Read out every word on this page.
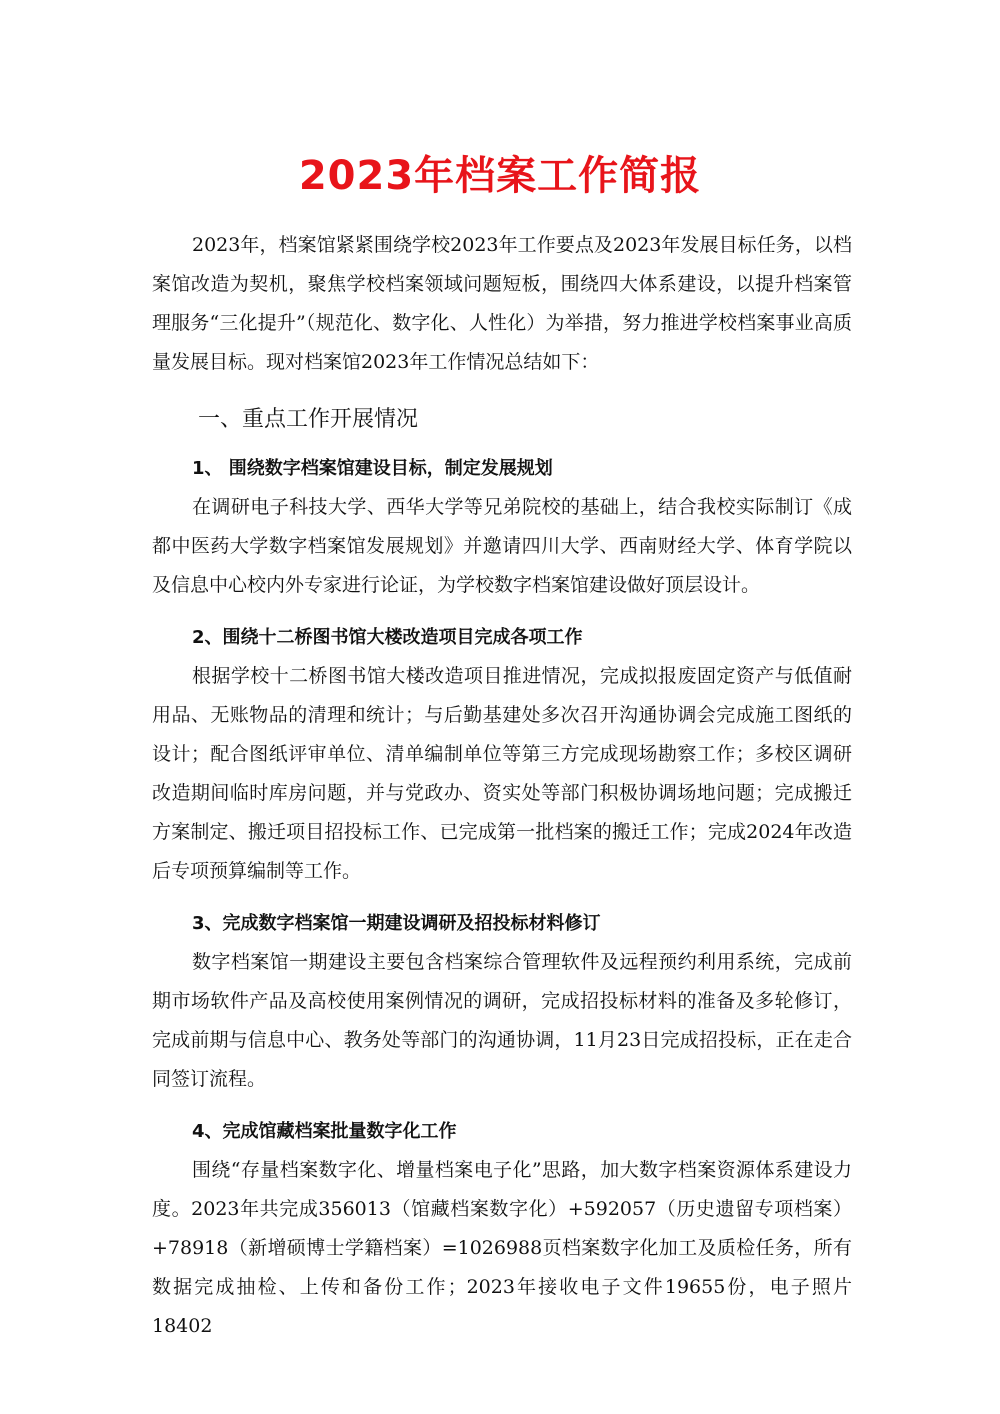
2023年档案工作简报

2023年，档案馆紧紧围绕学校2023年工作要点及2023年发展目标任务，以档案馆改造为契机，聚焦学校档案领域问题短板，围绕四大体系建设，以提升档案管理服务“三化提升”（规范化、数字化、人性化）为举措，努力推进学校档案事业高质量发展目标。现对档案馆2023年工作情况总结如下：

一、重点工作开展情况
1、 围绕数字档案馆建设目标，制定发展规划

在调研电子科技大学、西华大学等兄弟院校的基础上，结合我校实际制订《成都中医药大学数字档案馆发展规划》并邀请四川大学、西南财经大学、体育学院以及信息中心校内外专家进行论证，为学校数字档案馆建设做好顶层设计。

2、围绕十二桥图书馆大楼改造项目完成各项工作

根据学校十二桥图书馆大楼改造项目推进情况，完成拟报废固定资产与低值耐用品、无账物品的清理和统计；与后勤基建处多次召开沟通协调会完成施工图纸的设计；配合图纸评审单位、清单编制单位等第三方完成现场勘察工作；多校区调研改造期间临时库房问题，并与党政办、资实处等部门积极协调场地问题；完成搬迁方案制定、搬迁项目招投标工作、已完成第一批档案的搬迁工作；完成2024年改造后专项预算编制等工作。

3、完成数字档案馆一期建设调研及招投标材料修订

数字档案馆一期建设主要包含档案综合管理软件及远程预约利用系统，完成前期市场软件产品及高校使用案例情况的调研，完成招投标材料的准备及多轮修订，完成前期与信息中心、教务处等部门的沟通协调，11月23日完成招投标，正在走合同签订流程。

4、完成馆藏档案批量数字化工作

围绕“存量档案数字化、增量档案电子化”思路，加大数字档案资源体系建设力度。2023年共完成356013（馆藏档案数字化）+592057（历史遗留专项档案）+78918（新增硕博士学籍档案）=1026988页档案数字化加工及质检任务，所有数据完成抽检、上传和备份工作；2023年接收电子文件19655份，电子照片18402
